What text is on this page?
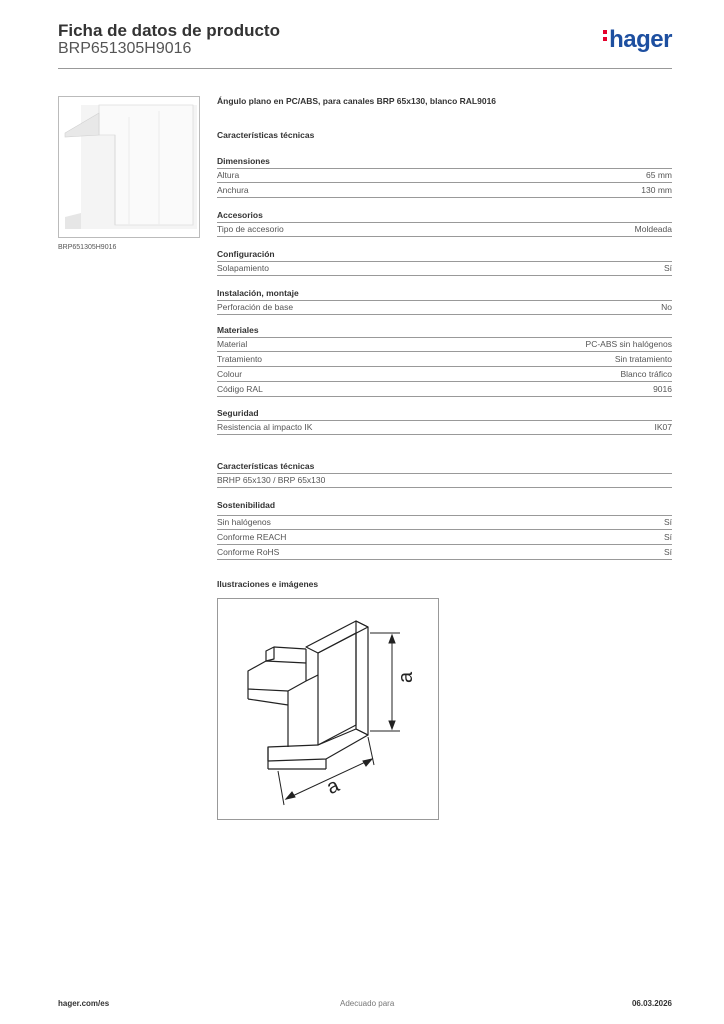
Ficha de datos de producto
BRP651305H9016	hager
BRP651305H9016
Ángulo plano en PC/ABS, para canales BRP 65x130, blanco RAL9016
Características técnicas
Dimensiones
Altura	65 mm
Anchura	130 mm
Accesorios
Tipo de accesorio	Moldeada
Configuración
Solapamiento	Sí
Instalación, montaje
Perforación de base	No
Materiales
Material	PC-ABS sin halógenos
Tratamiento	Sin tratamiento
Colour	Blanco tráfico
Código RAL	9016
Seguridad
Resistencia al impacto IK	IK07
Características técnicas
BRHP 65x130 / BRP 65x130
Sostenibilidad
Sin halógenos	Sí
Conforme REACH	Sí
Conforme RoHS	Sí
Ilustraciones e imágenes
a
a
hager.com/es	Adecuado para	06.03.2026
